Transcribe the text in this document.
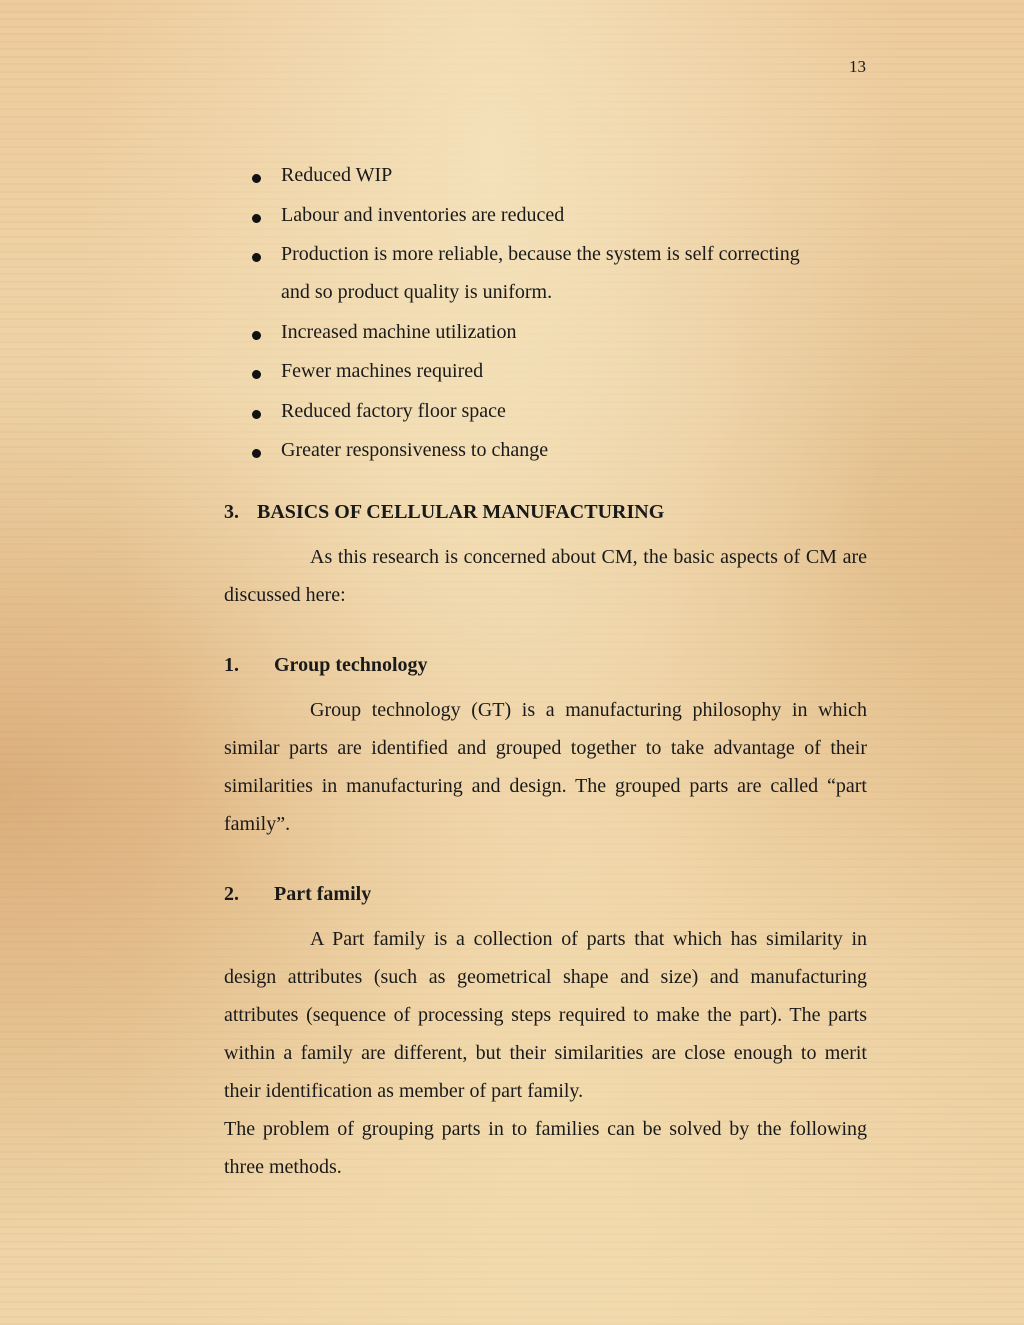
13
Reduced WIP
Labour and inventories are reduced
Production is more reliable, because the system is self correcting
and so product quality is uniform.
Increased machine utilization
Fewer machines required
Reduced factory floor space
Greater responsiveness to change
3. BASICS OF CELLULAR MANUFACTURING

As this research is concerned about CM, the basic aspects of CM are discussed here:

1. Group technology

Group technology (GT) is a manufacturing philosophy in which similar parts are identified and grouped together to take advantage of their similarities in manufacturing and design. The grouped parts are called “part family”.

2. Part family

A Part family is a collection of parts that which has similarity in design attributes (such as geometrical shape and size) and manufacturing attributes (sequence of processing steps required to make the part). The parts within a family are different, but their similarities are close enough to merit their identification as member of part family.

The problem of grouping parts in to families can be solved by the following three methods.
